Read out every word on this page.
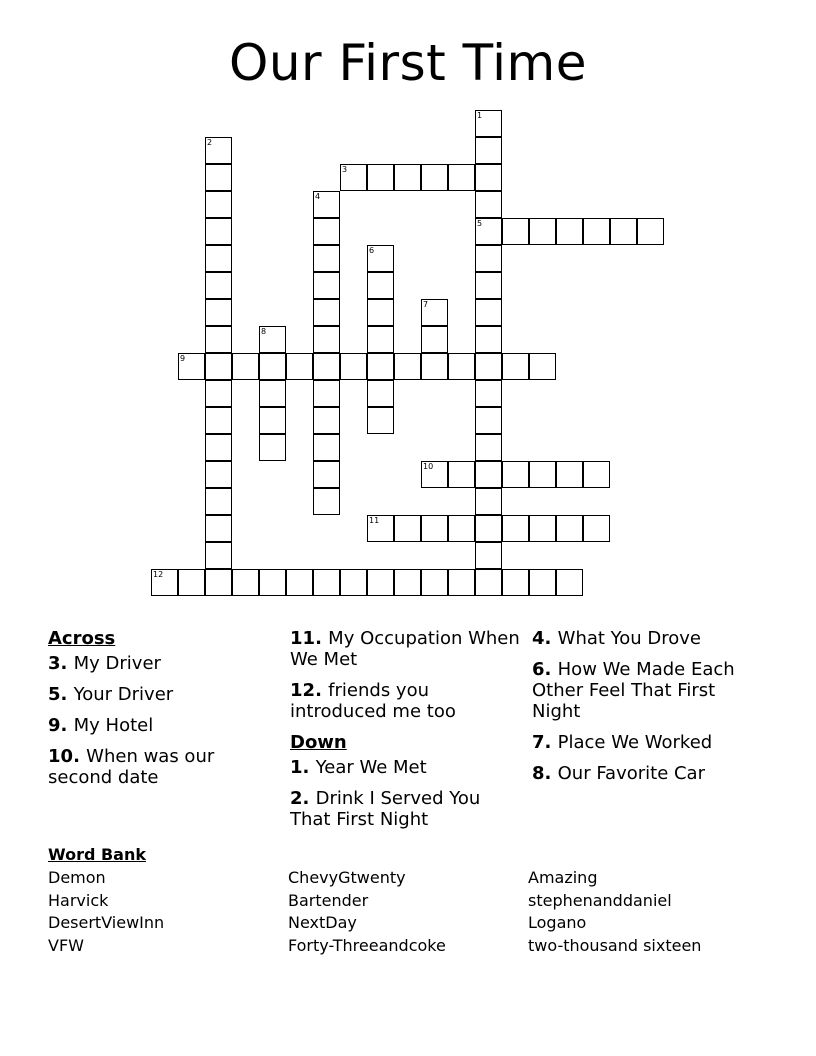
Our First Time
1
2
3
4
5
6
7
8
9
10
11
12
Across
3. My Driver
5. Your Driver
9. My Hotel
10. When was our second date
11. My Occupation When We Met
12. friends you introduced me too
Down
1. Year We Met
2. Drink I Served You That First Night
4. What You Drove
6. How We Made Each Other Feel That First Night
7. Place We Worked
8. Our Favorite Car
Word Bank
Demon	ChevyGtwenty	Amazing
Harvick	Bartender	stephenanddaniel
DesertViewInn	NextDay	Logano
VFW	Forty-Threeandcoke	two-thousand sixteen
